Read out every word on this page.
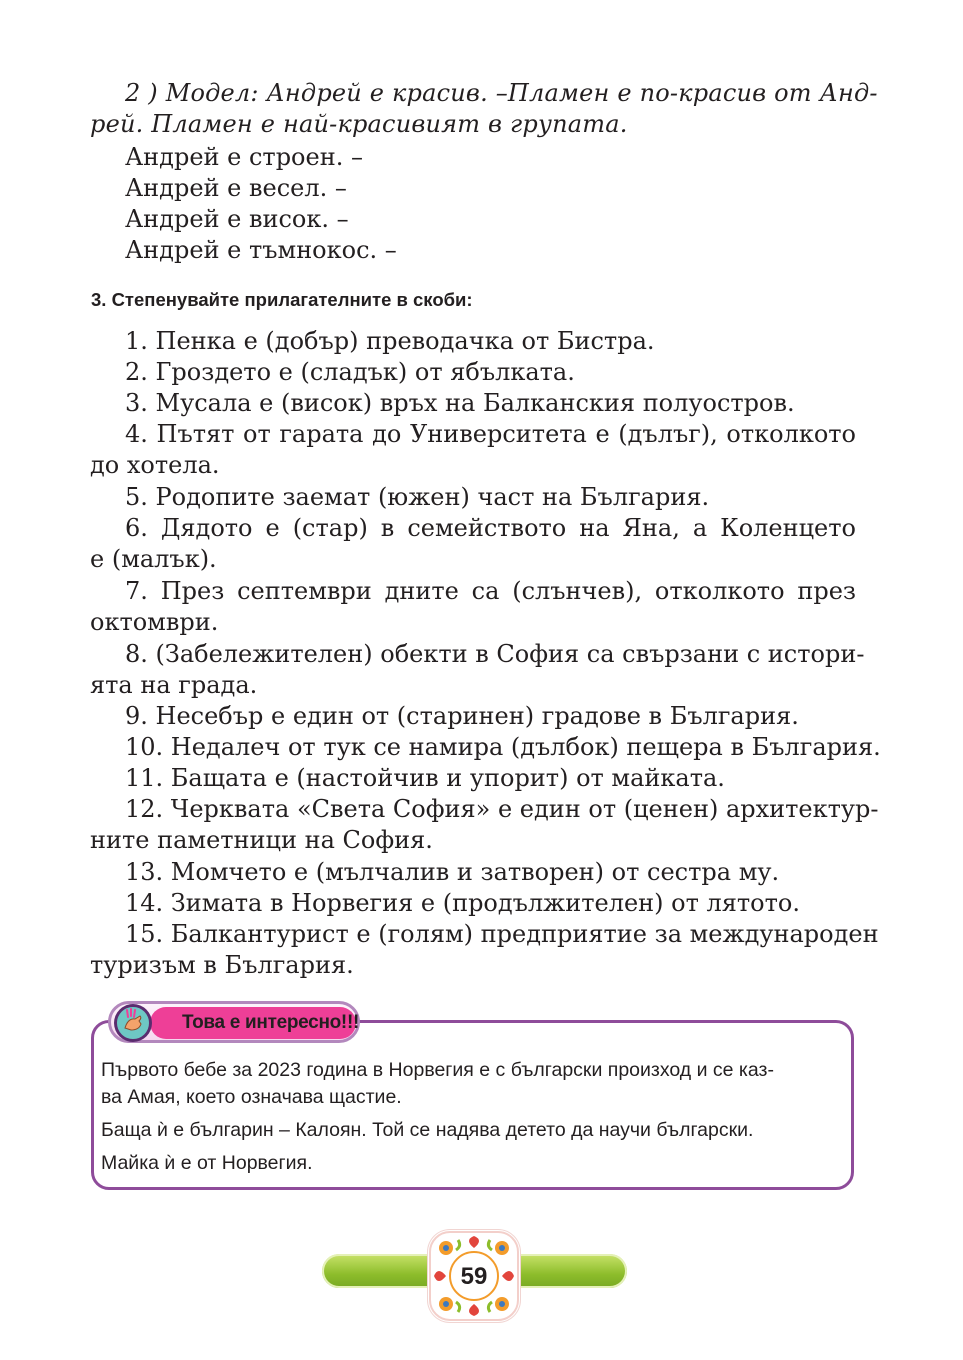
2 ) Модел: Андрей е красив. –Пламен е по-красив от Анд-
рей. Пламен е най-красивият в групата.
Андрей е строен. –
Андрей е весел. –
Андрей е висок. –
Андрей е тъмнокос. –
3. Степенувайте прилагателните в скоби:
1. Пенка е (добър) преводачка от Бистра.
2. Гроздето е (сладък) от ябълката.
3. Мусала е (висок) връх на Балканския полуостров.
4. Пътят от гарата до Университета е (дълъг), отколкото
до хотела.
5. Родопите заемат (южен) част на България.
6. Дядото е (стар) в семейството на Яна, а Коленцето
е (малък).
7. През септември дните са (слънчев), отколкото през
октомври.
8. (Забележителен) обекти в София са свързани с истори-
ята на града.
9. Несебър е един от (старинен) градове в България.
10. Недалеч от тук се намира (дълбок) пещера в България.
11. Бащата е (настойчив и упорит) от майката.
12. Черквата «Света София» е един от (ценен) архитектур-
ните паметници на София.
13. Момчето е (мълчалив и затворен) от сестра му.
14. Зимата в Норвегия е (продължителен) от лятото.
15. Балкантурист е (голям) предприятие за международен
туризъм в България.
Това е интересно!!!
Първото бебе за 2023 година в Норвегия е с български произход и се каз-
ва Амая, което означава щастие.
Баща ѝ е българин – Калоян. Той се надява детето да научи български.
Майка ѝ е от Норвегия.
59
